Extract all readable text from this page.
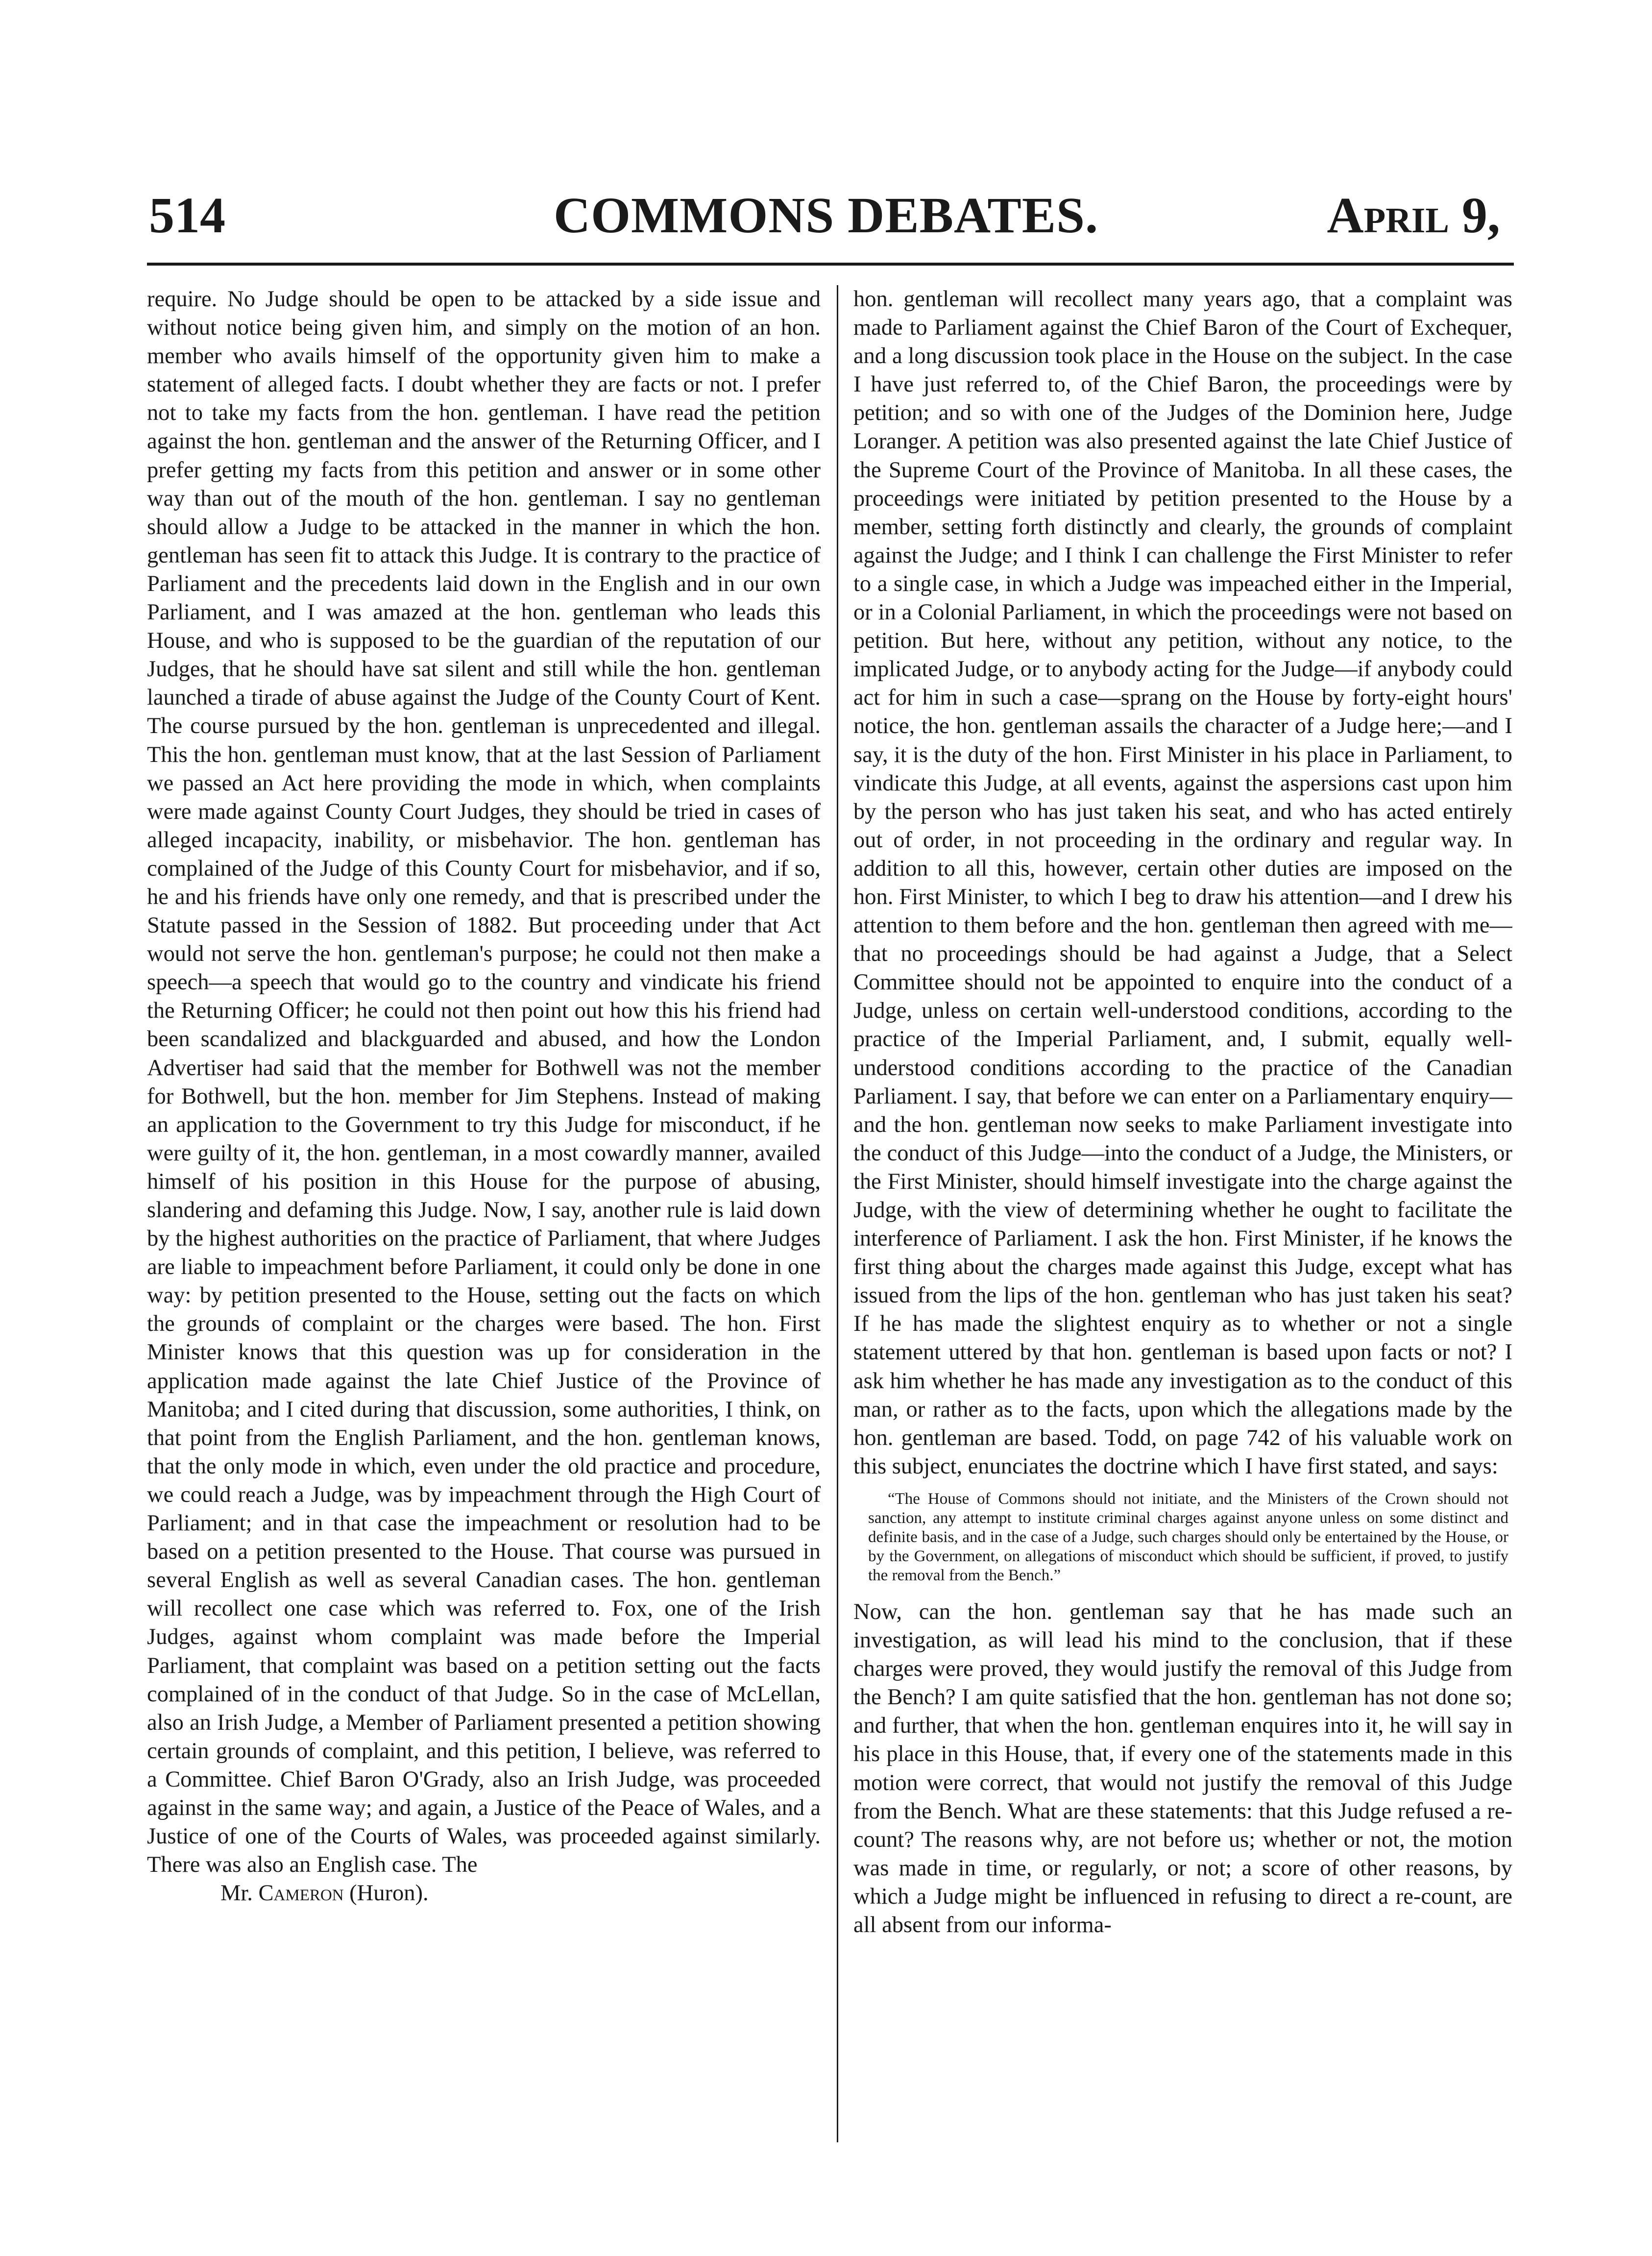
514	COMMONS DEBATES.	April 9,

require. No Judge should be open to be attacked by a side issue and without notice being given him, and simply on the motion of an hon. member who avails himself of the opportunity given him to make a statement of alleged facts. I doubt whether they are facts or not. I prefer not to take my facts from the hon. gentleman. I have read the petition against the hon. gentleman and the answer of the Returning Officer, and I prefer getting my facts from this petition and answer or in some other way than out of the mouth of the hon. gentleman. I say no gentleman should allow a Judge to be attacked in the manner in which the hon. gentleman has seen fit to attack this Judge. It is contrary to the practice of Parliament and the precedents laid down in the English and in our own Parliament, and I was amazed at the hon. gentleman who leads this House, and who is supposed to be the guardian of the reputation of our Judges, that he should have sat silent and still while the hon. gentleman launched a tirade of abuse against the Judge of the County Court of Kent. The course pursued by the hon. gentleman is unprecedented and illegal. This the hon. gentleman must know, that at the last Session of Parliament we passed an Act here providing the mode in which, when complaints were made against County Court Judges, they should be tried in cases of alleged incapacity, inability, or misbehavior. The hon. gentleman has complained of the Judge of this County Court for misbehavior, and if so, he and his friends have only one remedy, and that is prescribed under the Statute passed in the Session of 1882. But proceeding under that Act would not serve the hon. gentleman's purpose; he could not then make a speech—a speech that would go to the country and vindicate his friend the Returning Officer; he could not then point out how this his friend had been scandalized and blackguarded and abused, and how the London Advertiser had said that the member for Bothwell was not the member for Bothwell, but the hon. member for Jim Stephens. Instead of making an application to the Government to try this Judge for misconduct, if he were guilty of it, the hon. gentleman, in a most cowardly manner, availed himself of his position in this House for the purpose of abusing, slandering and defaming this Judge. Now, I say, another rule is laid down by the highest authorities on the practice of Parliament, that where Judges are liable to impeachment before Parliament, it could only be done in one way: by petition presented to the House, setting out the facts on which the grounds of complaint or the charges were based. The hon. First Minister knows that this question was up for consideration in the application made against the late Chief Justice of the Province of Manitoba; and I cited during that discussion, some authorities, I think, on that point from the English Parliament, and the hon. gentleman knows, that the only mode in which, even under the old practice and procedure, we could reach a Judge, was by impeachment through the High Court of Parliament; and in that case the impeachment or resolution had to be based on a petition presented to the House. That course was pursued in several English as well as several Canadian cases. The hon. gentleman will recollect one case which was referred to. Fox, one of the Irish Judges, against whom complaint was made before the Imperial Parliament, that complaint was based on a petition setting out the facts complained of in the conduct of that Judge. So in the case of McLellan, also an Irish Judge, a Member of Parliament presented a petition showing certain grounds of complaint, and this petition, I believe, was referred to a Committee. Chief Baron O'Grady, also an Irish Judge, was proceeded against in the same way; and again, a Justice of the Peace of Wales, and a Justice of one of the Courts of Wales, was proceeded against similarly. There was also an English case. The

Mr. Cameron (Huron).

hon. gentleman will recollect many years ago, that a complaint was made to Parliament against the Chief Baron of the Court of Exchequer, and a long discussion took place in the House on the subject. In the case I have just referred to, of the Chief Baron, the proceedings were by petition; and so with one of the Judges of the Dominion here, Judge Loranger. A petition was also presented against the late Chief Justice of the Supreme Court of the Province of Manitoba. In all these cases, the proceedings were initiated by petition presented to the House by a member, setting forth distinctly and clearly, the grounds of complaint against the Judge; and I think I can challenge the First Minister to refer to a single case, in which a Judge was impeached either in the Imperial, or in a Colonial Parliament, in which the proceedings were not based on petition. But here, without any petition, without any notice, to the implicated Judge, or to anybody acting for the Judge—if anybody could act for him in such a case—sprang on the House by forty-eight hours' notice, the hon. gentleman assails the character of a Judge here;—and I say, it is the duty of the hon. First Minister in his place in Parliament, to vindicate this Judge, at all events, against the aspersions cast upon him by the person who has just taken his seat, and who has acted entirely out of order, in not proceeding in the ordinary and regular way. In addition to all this, however, certain other duties are imposed on the hon. First Minister, to which I beg to draw his attention—and I drew his attention to them before and the hon. gentleman then agreed with me—that no proceedings should be had against a Judge, that a Select Committee should not be appointed to enquire into the conduct of a Judge, unless on certain well-understood conditions, according to the practice of the Imperial Parliament, and, I submit, equally well-understood conditions according to the practice of the Canadian Parliament. I say, that before we can enter on a Parliamentary enquiry—and the hon. gentleman now seeks to make Parliament investigate into the conduct of this Judge—into the conduct of a Judge, the Ministers, or the First Minister, should himself investigate into the charge against the Judge, with the view of determining whether he ought to facilitate the interference of Parliament. I ask the hon. First Minister, if he knows the first thing about the charges made against this Judge, except what has issued from the lips of the hon. gentleman who has just taken his seat? If he has made the slightest enquiry as to whether or not a single statement uttered by that hon. gentleman is based upon facts or not? I ask him whether he has made any investigation as to the conduct of this man, or rather as to the facts, upon which the allegations made by the hon. gentleman are based. Todd, on page 742 of his valuable work on this subject, enunciates the doctrine which I have first stated, and says:

“The House of Commons should not initiate, and the Ministers of the Crown should not sanction, any attempt to institute criminal charges against anyone unless on some distinct and definite basis, and in the case of a Judge, such charges should only be entertained by the House, or by the Government, on allegations of misconduct which should be sufficient, if proved, to justify the removal from the Bench.”

Now, can the hon. gentleman say that he has made such an investigation, as will lead his mind to the conclusion, that if these charges were proved, they would justify the removal of this Judge from the Bench? I am quite satisfied that the hon. gentleman has not done so; and further, that when the hon. gentleman enquires into it, he will say in his place in this House, that, if every one of the statements made in this motion were correct, that would not justify the removal of this Judge from the Bench. What are these statements: that this Judge refused a re-count? The reasons why, are not before us; whether or not, the motion was made in time, or regularly, or not; a score of other reasons, by which a Judge might be influenced in refusing to direct a re-count, are all absent from our informa-
